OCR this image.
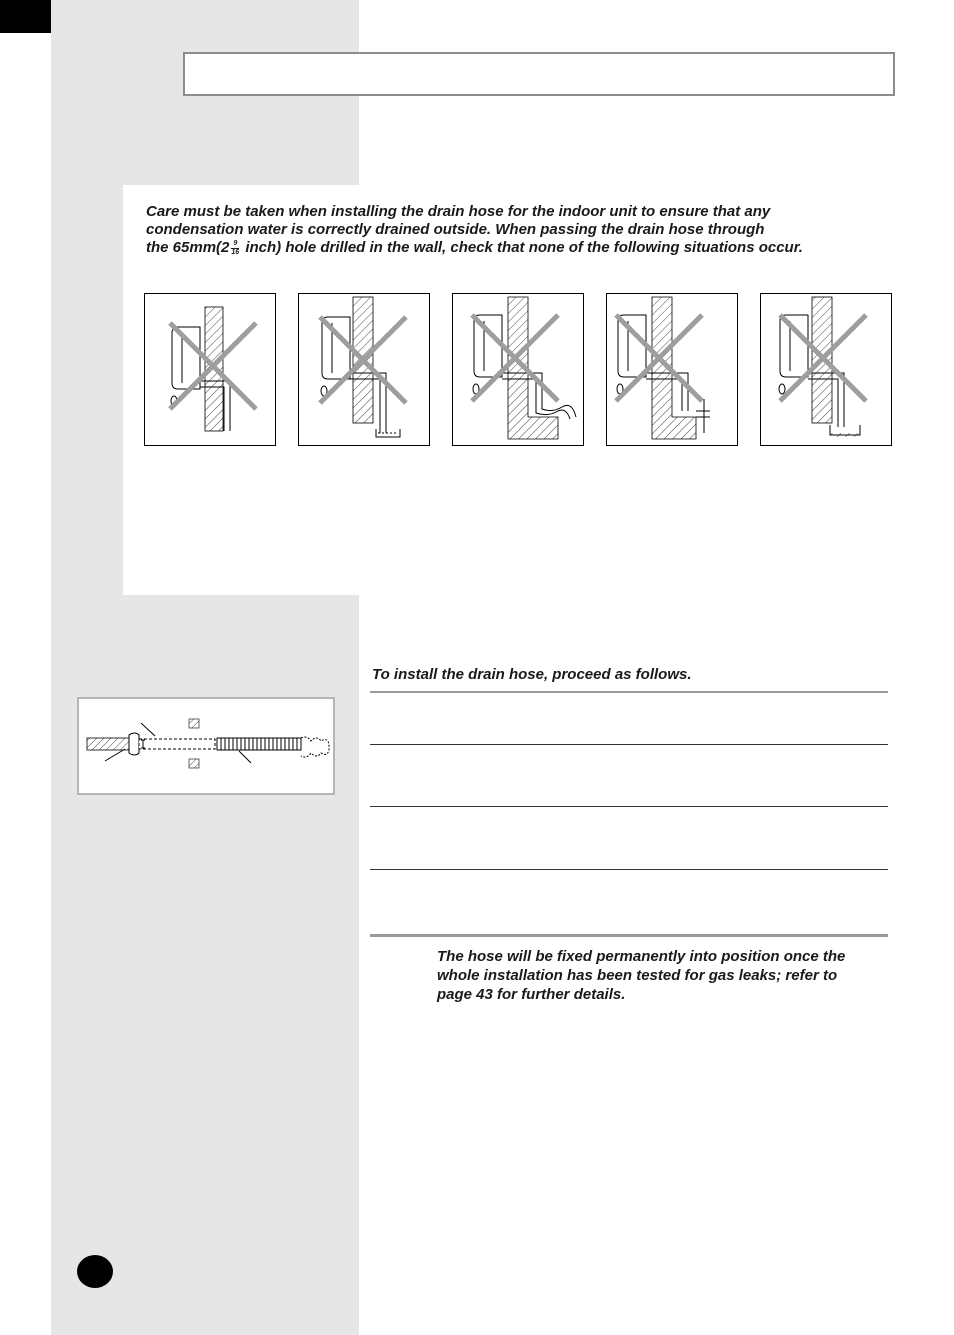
Care must be taken when installing the drain hose for the indoor unit to ensure that any
condensation water is correctly drained outside. When passing the drain hose through
the $65mm(2 \frac{9}{16}$ inch) hole drilled in the wall, check that none of the following situations occur.

To install the drain hose, proceed as follows.

The hose will be fixed permanently into position once the
whole installation has been tested for gas leaks; refer to
page 43 for further details.
